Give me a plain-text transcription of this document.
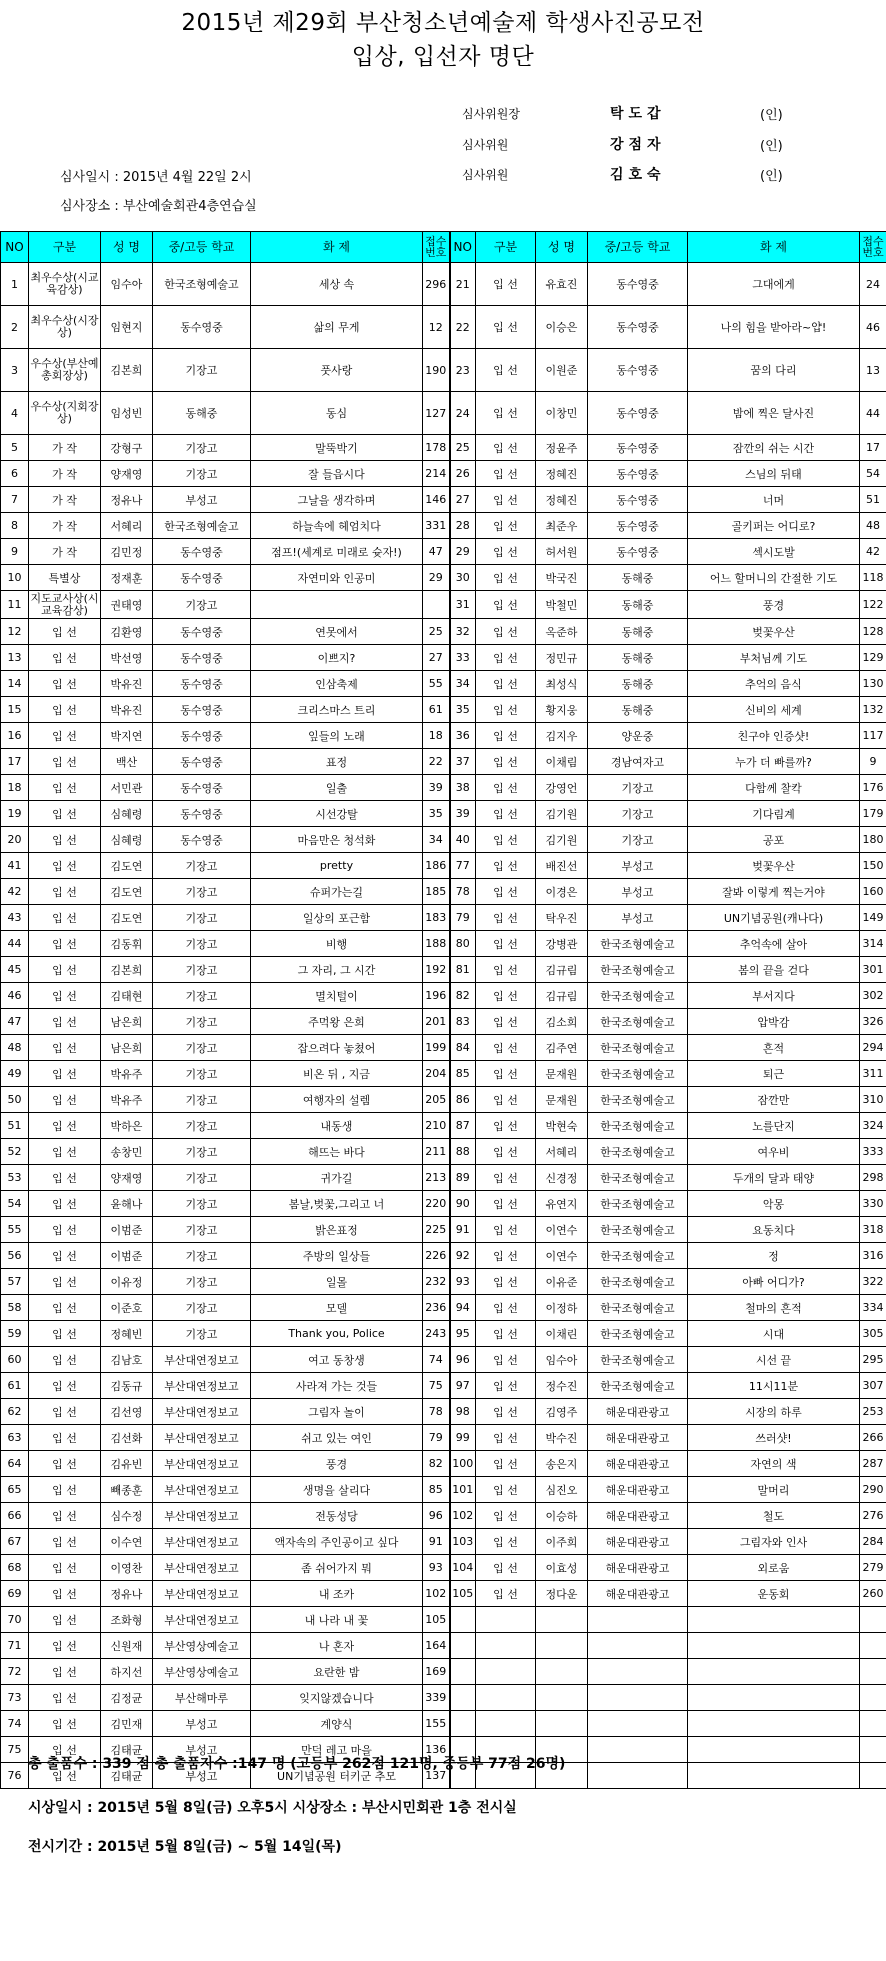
2015년 제29회 부산청소년예술제 학생사진공모전
입상, 입선자 명단
심사위원장	탁도갑	(인)
심사위원	강점자	(인)
심사위원	김호숙	(인)
심사일시 : 2015년 4월 22일 2시
심사장소 : 부산예술회관4층연습실
NO	구분	성 명	중/고등 학교	화 제	접수번호	NO	구분	성 명	중/고등 학교	화 제	접수번호
1	최우수상(시교육감상)	임수아	한국조형예술고	세상 속	296	21	입 선	유효진	동수영중	그대에게	24
2	최우수상(시장상)	임현지	동수영중	삶의 무게	12	22	입 선	이승은	동수영중	나의 힘을 받아라~얍!	46
3	우수상(부산예총회장상)	김본희	기장고	풋사랑	190	23	입 선	이원준	동수영중	꿈의 다리	13
4	우수상(지회장상)	임성빈	동해중	동심	127	24	입 선	이창민	동수영중	밤에 찍은 달사진	44
5	가 작	강형구	기장고	말뚝박기	178	25	입 선	정윤주	동수영중	잠깐의 쉬는 시간	17
6	가 작	양재영	기장고	잘 들읍시다	214	26	입 선	정혜진	동수영중	스님의 뒤태	54
7	가 작	정유나	부성고	그날을 생각하며	146	27	입 선	정혜진	동수영중	너머	51
8	가 작	서혜리	한국조형예술고	하늘속에 헤엄치다	331	28	입 선	최준우	동수영중	골키퍼는 어디로?	48
9	가 작	김민정	동수영중	점프!(세계로 미래로 슛자!)	47	29	입 선	허서원	동수영중	섹시도발	42
10	특별상	정재훈	동수영중	자연미와 인공미	29	30	입 선	박국진	동해중	어느 할머니의 간절한 기도	118
11	지도교사상(시교육감상)	권태영	기장고			31	입 선	박철민	동해중	풍경	122
12	입 선	김환영	동수영중	연못에서	25	32	입 선	옥준하	동해중	벚꽃우산	128
13	입 선	박선영	동수영중	이쁘지?	27	33	입 선	정민규	동해중	부처님께 기도	129
14	입 선	박유진	동수영중	인삼축제	55	34	입 선	최성식	동해중	추억의 음식	130
15	입 선	박유진	동수영중	크리스마스 트리	61	35	입 선	황지웅	동해중	신비의 세계	132
16	입 선	박지연	동수영중	잎들의 노래	18	36	입 선	김지우	양운중	친구야 인증샷!	117
17	입 선	백산	동수영중	표정	22	37	입 선	이채림	경남여자고	누가 더 빠를까?	9
18	입 선	서민관	동수영중	일출	39	38	입 선	강영언	기장고	다함께 찰칵	176
19	입 선	심혜령	동수영중	시선강탈	35	39	입 선	김기원	기장고	기다림계	179
20	입 선	심혜령	동수영중	마음만은 청석화	34	40	입 선	김기원	기장고	공포	180
41	입 선	김도연	기장고	pretty	186	77	입 선	배진선	부성고	벚꽃우산	150
42	입 선	김도연	기장고	슈퍼가는길	185	78	입 선	이경은	부성고	잘봐 이렇게 찍는거야	160
43	입 선	김도연	기장고	일상의 포근함	183	79	입 선	탁우진	부성고	UN기념공원(캐나다)	149
44	입 선	김동휘	기장고	비행	188	80	입 선	강병관	한국조형예술고	추억속에 살아	314
45	입 선	김본희	기장고	그 자리, 그 시간	192	81	입 선	김규림	한국조형예술고	봄의 끝을 걷다	301
46	입 선	김태현	기장고	멸치털이	196	82	입 선	김규림	한국조형예술고	부서지다	302
47	입 선	남은희	기장고	주먹왕 은희	201	83	입 선	김소희	한국조형예술고	압박감	326
48	입 선	남은희	기장고	잡으려다 놓쳤어	199	84	입 선	김주연	한국조형예술고	흔적	294
49	입 선	박유주	기장고	비온 뒤 , 지금	204	85	입 선	문재원	한국조형예술고	퇴근	311
50	입 선	박유주	기장고	여행자의 설렘	205	86	입 선	문재원	한국조형예술고	잠깐만	310
51	입 선	박하은	기장고	내동생	210	87	입 선	박현숙	한국조형예술고	노를단지	324
52	입 선	송창민	기장고	해뜨는 바다	211	88	입 선	서혜리	한국조형예술고	여우비	333
53	입 선	양재영	기장고	귀가길	213	89	입 선	신경정	한국조형예술고	두개의 달과 태양	298
54	입 선	윤해나	기장고	봄날,벚꽃,그리고 너	220	90	입 선	유연지	한국조형예술고	악몽	330
55	입 선	이범준	기장고	밝은표정	225	91	입 선	이연수	한국조형예술고	요동치다	318
56	입 선	이범준	기장고	주방의 일상들	226	92	입 선	이연수	한국조형예술고	정	316
57	입 선	이유정	기장고	일몰	232	93	입 선	이유준	한국조형예술고	아빠 어디가?	322
58	입 선	이준호	기장고	모델	236	94	입 선	이정하	한국조형예술고	철마의 흔적	334
59	입 선	정혜빈	기장고	Thank you, Police	243	95	입 선	이채린	한국조형예술고	시대	305
60	입 선	김남호	부산대연정보고	여고 동창생	74	96	입 선	임수아	한국조형예술고	시선 끝	295
61	입 선	김동규	부산대연정보고	사라져 가는 것들	75	97	입 선	정수진	한국조형예술고	11시11분	307
62	입 선	김선영	부산대연정보고	그림자 놀이	78	98	입 선	김영주	해운대관광고	시장의 하루	253
63	입 선	김선화	부산대연정보고	쉬고 있는 여인	79	99	입 선	박수진	해운대관광고	쓰러샷!	266
64	입 선	김유빈	부산대연정보고	풍경	82	100	입 선	송은지	해운대관광고	자연의 색	287
65	입 선	빼종훈	부산대연정보고	생명을 살리다	85	101	입 선	심진오	해운대관광고	말머리	290
66	입 선	심수정	부산대연정보고	전동성당	96	102	입 선	이승하	해운대관광고	철도	276
67	입 선	이수연	부산대연정보고	액자속의 주인공이고 싶다	91	103	입 선	이주희	해운대관광고	그림자와 인사	284
68	입 선	이영찬	부산대연정보고	좀 쉬어가지 뭐	93	104	입 선	이효성	해운대관광고	외로움	279
69	입 선	정유나	부산대연정보고	내 조카	102	105	입 선	정다운	해운대관광고	운동회	260
70	입 선	조화형	부산대연정보고	내 나라 내 꽃	105						
71	입 선	신원재	부산영상예술고	나 혼자	164						
72	입 선	하지선	부산영상예술고	요란한 밤	169						
73	입 선	김정균	부산해마루	잊지않겠습니다	339						
74	입 선	김민재	부성고	계양식	155						
75	입 선	김태균	부성고	만덕 레고 마을	136						
76	입 선	김태균	부성고	UN기념공원 터키군 추모	137						
총 출품수 : 339 점 총 출품자수 :147 명 (고등부 262점 121명, 중등부 77점 26명)
시상일시 : 2015년 5월 8일(금) 오후5시 시상장소 : 부산시민회관 1층 전시실
전시기간 : 2015년 5월 8일(금) ~ 5월 14일(목)
